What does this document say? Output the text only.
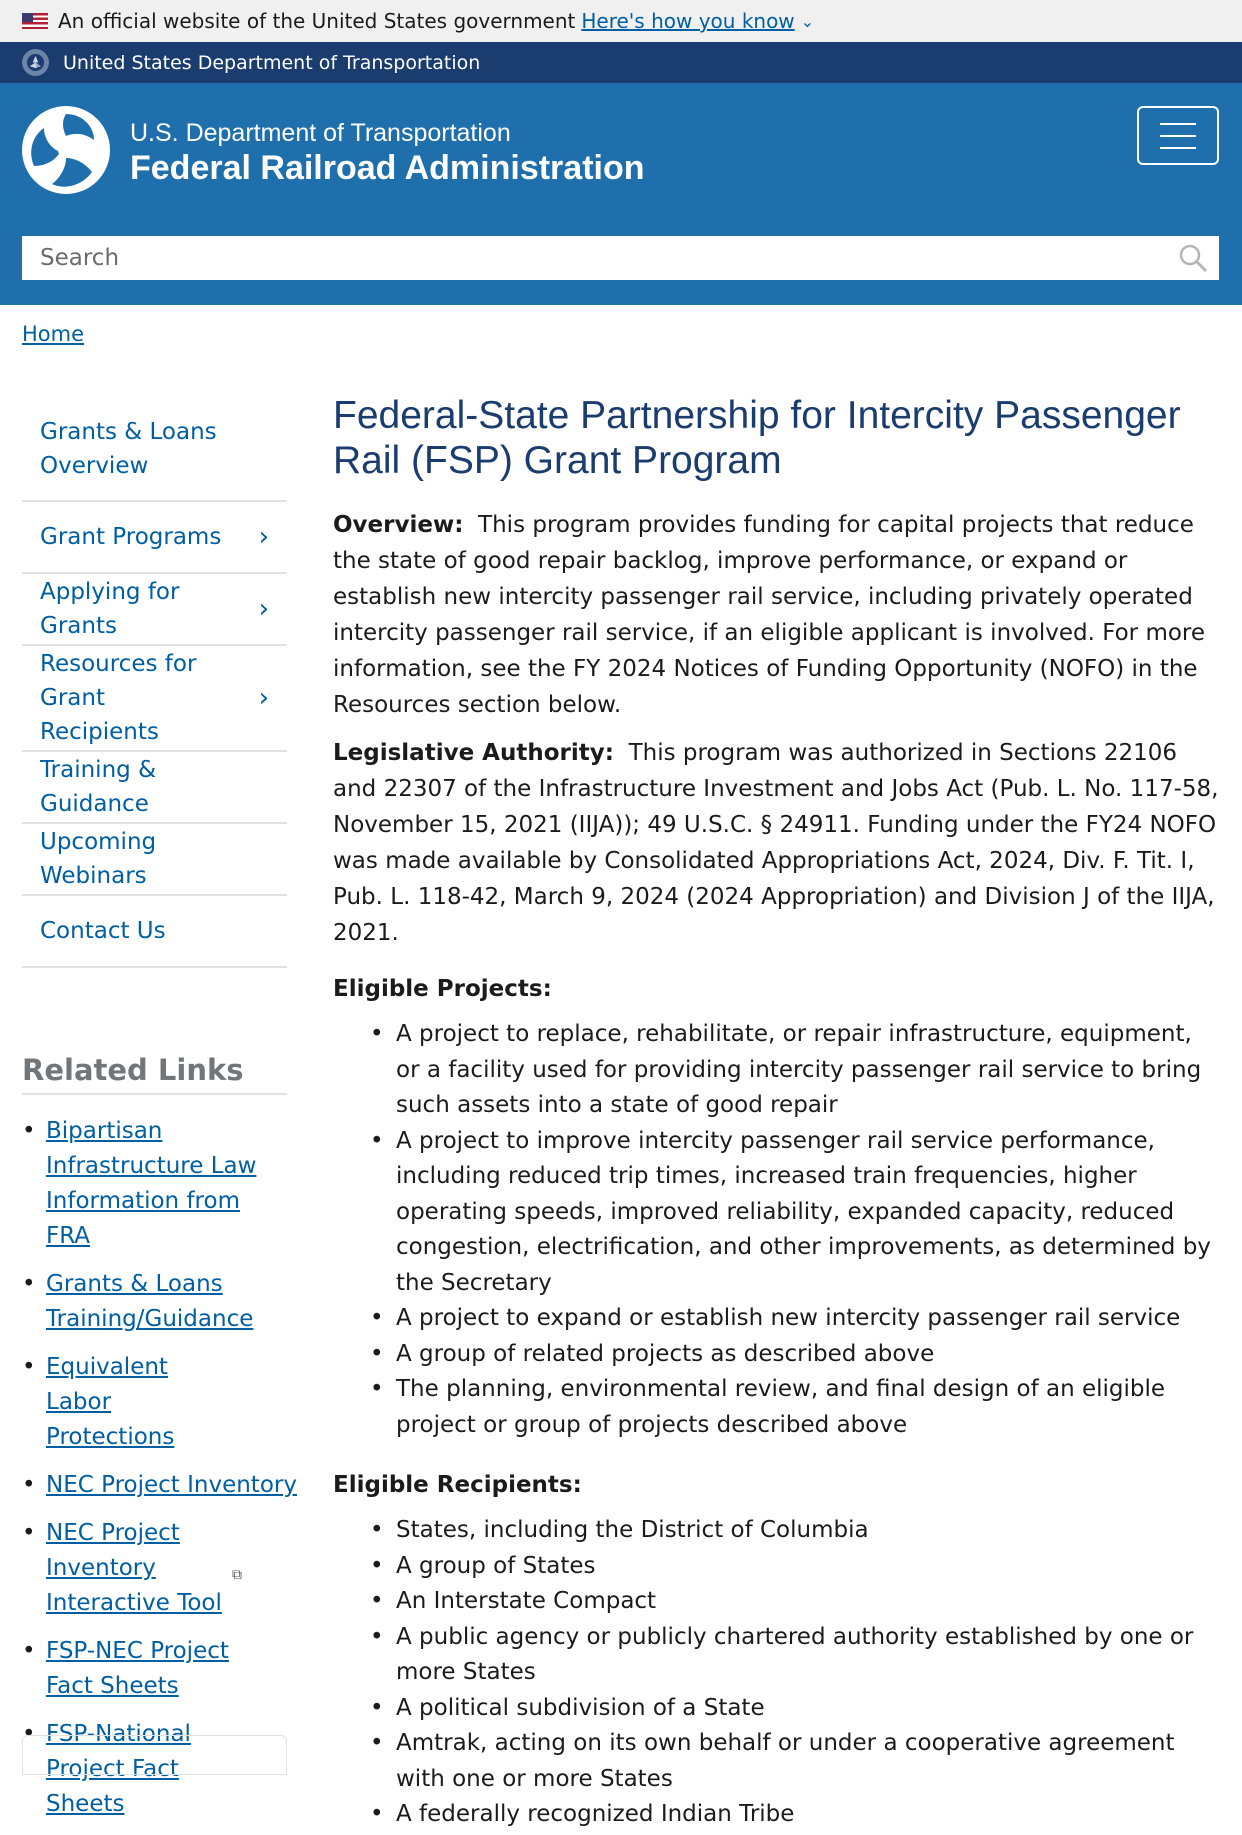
An official website of the United States government Here's how you know ⌄
United States Department of Transportation
U.S. Department of Transportation
Federal Railroad Administration
Search
Home
Grants & Loans Overview
Grant Programs ›
Applying for Grants
›
Resources for Grant Recipients
›
Training & Guidance
Upcoming Webinars
Contact Us
Related Links
• Bipartisan Infrastructure Law Information from FRA
• Grants & Loans Training/Guidance
• Equivalent Labor Protections
• NEC Project Inventory
• NEC Project Inventory Interactive Tool
⧉
• FSP-NEC Project Fact Sheets
• FSP-National Project Fact Sheets
Federal-State Partnership for Intercity Passenger Rail (FSP) Grant Program

Overview: This program provides funding for capital projects that reduce the state of good repair backlog, improve performance, or expand or establish new intercity passenger rail service, including privately operated intercity passenger rail service, if an eligible applicant is involved. For more information, see the FY 2024 Notices of Funding Opportunity (NOFO) in the Resources section below.

Legislative Authority: This program was authorized in Sections 22106 and 22307 of the Infrastructure Investment and Jobs Act (Pub. L. No. 117-58, November 15, 2021 (IIJA)); 49 U.S.C. § 24911. Funding under the FY24 NOFO was made available by Consolidated Appropriations Act, 2024, Div. F. Tit. I, Pub. L. 118-42, March 9, 2024 (2024 Appropriation) and Division J of the IIJA, 2021.

Eligible Projects:
• A project to replace, rehabilitate, or repair infrastructure, equipment, or a facility used for providing intercity passenger rail service to bring such assets into a state of good repair
• A project to improve intercity passenger rail service performance, including reduced trip times, increased train frequencies, higher operating speeds, improved reliability, expanded capacity, reduced congestion, electrification, and other improvements, as determined by the Secretary
• A project to expand or establish new intercity passenger rail service
• A group of related projects as described above
• The planning, environmental review, and final design of an eligible project or group of projects described above
Eligible Recipients:
• States, including the District of Columbia
• A group of States
• An Interstate Compact
• A public agency or publicly chartered authority established by one or more States
• A political subdivision of a State
• Amtrak, acting on its own behalf or under a cooperative agreement with one or more States
• A federally recognized Indian Tribe
